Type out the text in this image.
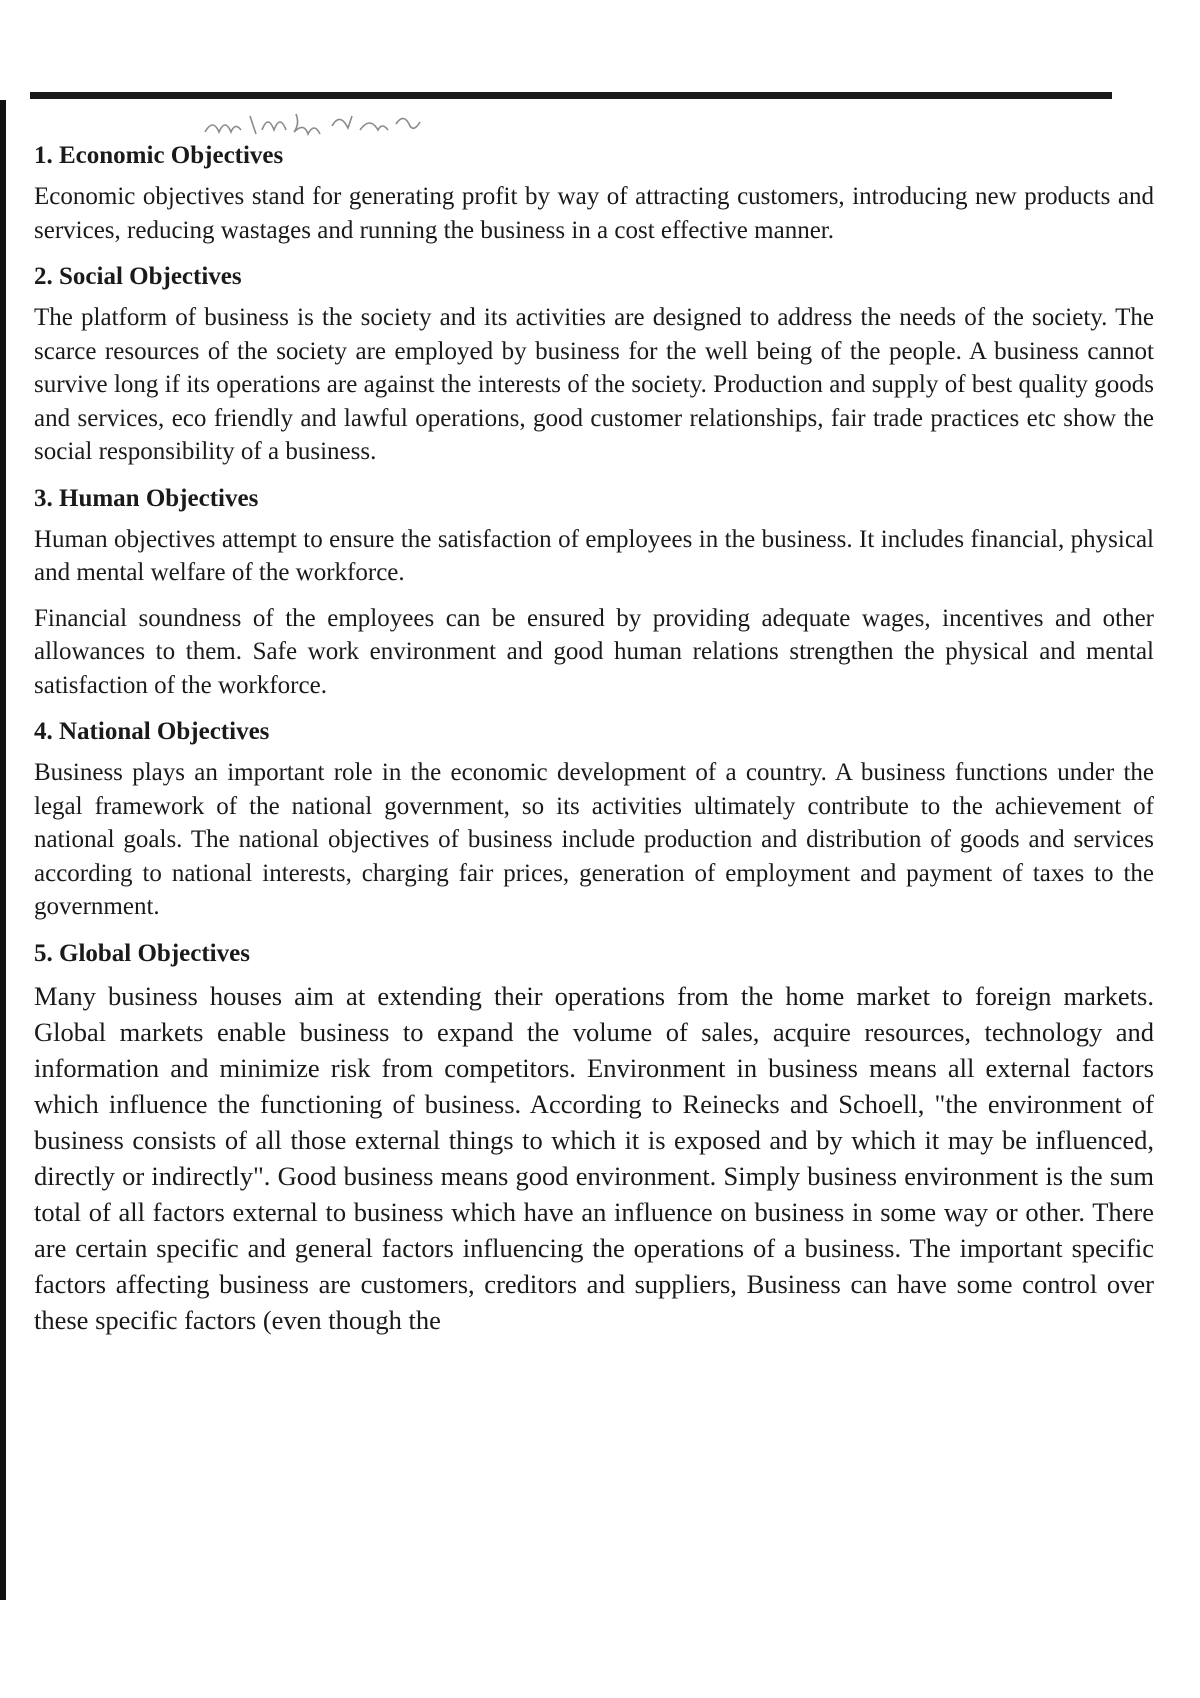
1. Economic Objectives

Economic objectives stand for generating profit by way of attracting customers, introducing new products and services, reducing wastages and running the business in a cost effective manner.

2. Social Objectives

The platform of business is the society and its activities are designed to address the needs of the society. The scarce resources of the society are employed by business for the well being of the people. A business cannot survive long if its operations are against the interests of the society. Production and supply of best quality goods and services, eco friendly and lawful operations, good customer relationships, fair trade practices etc show the social responsibility of a business.

3. Human Objectives

Human objectives attempt to ensure the satisfaction of employees in the business. It includes financial, physical and mental welfare of the workforce.

Financial soundness of the employees can be ensured by providing adequate wages, incentives and other allowances to them. Safe work environment and good human relations strengthen the physical and mental satisfaction of the workforce.

4. National Objectives

Business plays an important role in the economic development of a country. A business functions under the legal framework of the national government, so its activities ultimately contribute to the achievement of national goals. The national objectives of business include production and distribution of goods and services according to national interests, charging fair prices, generation of employment and payment of taxes to the government.

5. Global Objectives

Many business houses aim at extending their operations from the home market to foreign markets. Global markets enable business to expand the volume of sales, acquire resources, technology and information and minimize risk from competitors. Environment in business means all external factors which influence the functioning of business. According to Reinecks and Schoell, "the environment of business consists of all those external things to which it is exposed and by which it may be influenced, directly or indirectly". Good business means good environment. Simply business environment is the sum total of all factors external to business which have an influence on business in some way or other. There are certain specific and general factors influencing the operations of a business. The important specific factors affecting business are customers, creditors and suppliers, Business can have some control over these specific factors (even though the
